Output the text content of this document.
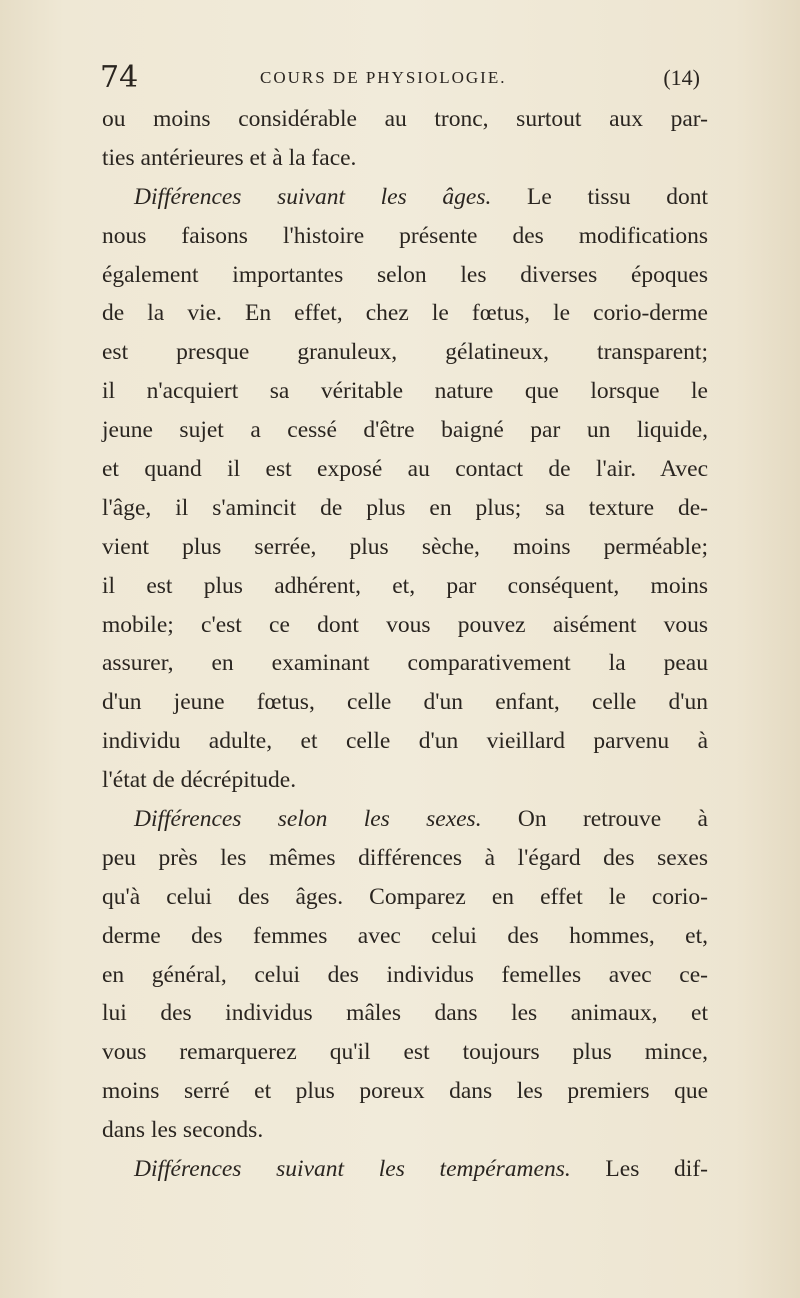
74	COURS DE PHYSIOLOGIE.	(14)
ou moins considérable au tronc, surtout aux par-
ties antérieures et à la face.
Différences suivant les âges. Le tissu dont
nous faisons l'histoire présente des modifications
également importantes selon les diverses époques
de la vie. En effet, chez le fœtus, le corio-derme
est presque granuleux, gélatineux, transparent;
il n'acquiert sa véritable nature que lorsque le
jeune sujet a cessé d'être baigné par un liquide,
et quand il est exposé au contact de l'air. Avec
l'âge, il s'amincit de plus en plus; sa texture de-
vient plus serrée, plus sèche, moins perméable;
il est plus adhérent, et, par conséquent, moins
mobile; c'est ce dont vous pouvez aisément vous
assurer, en examinant comparativement la peau
d'un jeune fœtus, celle d'un enfant, celle d'un
individu adulte, et celle d'un vieillard parvenu à
l'état de décrépitude.
Différences selon les sexes. On retrouve à
peu près les mêmes différences à l'égard des sexes
qu'à celui des âges. Comparez en effet le corio-
derme des femmes avec celui des hommes, et,
en général, celui des individus femelles avec ce-
lui des individus mâles dans les animaux, et
vous remarquerez qu'il est toujours plus mince,
moins serré et plus poreux dans les premiers que
dans les seconds.
Différences suivant les tempéramens. Les dif-
